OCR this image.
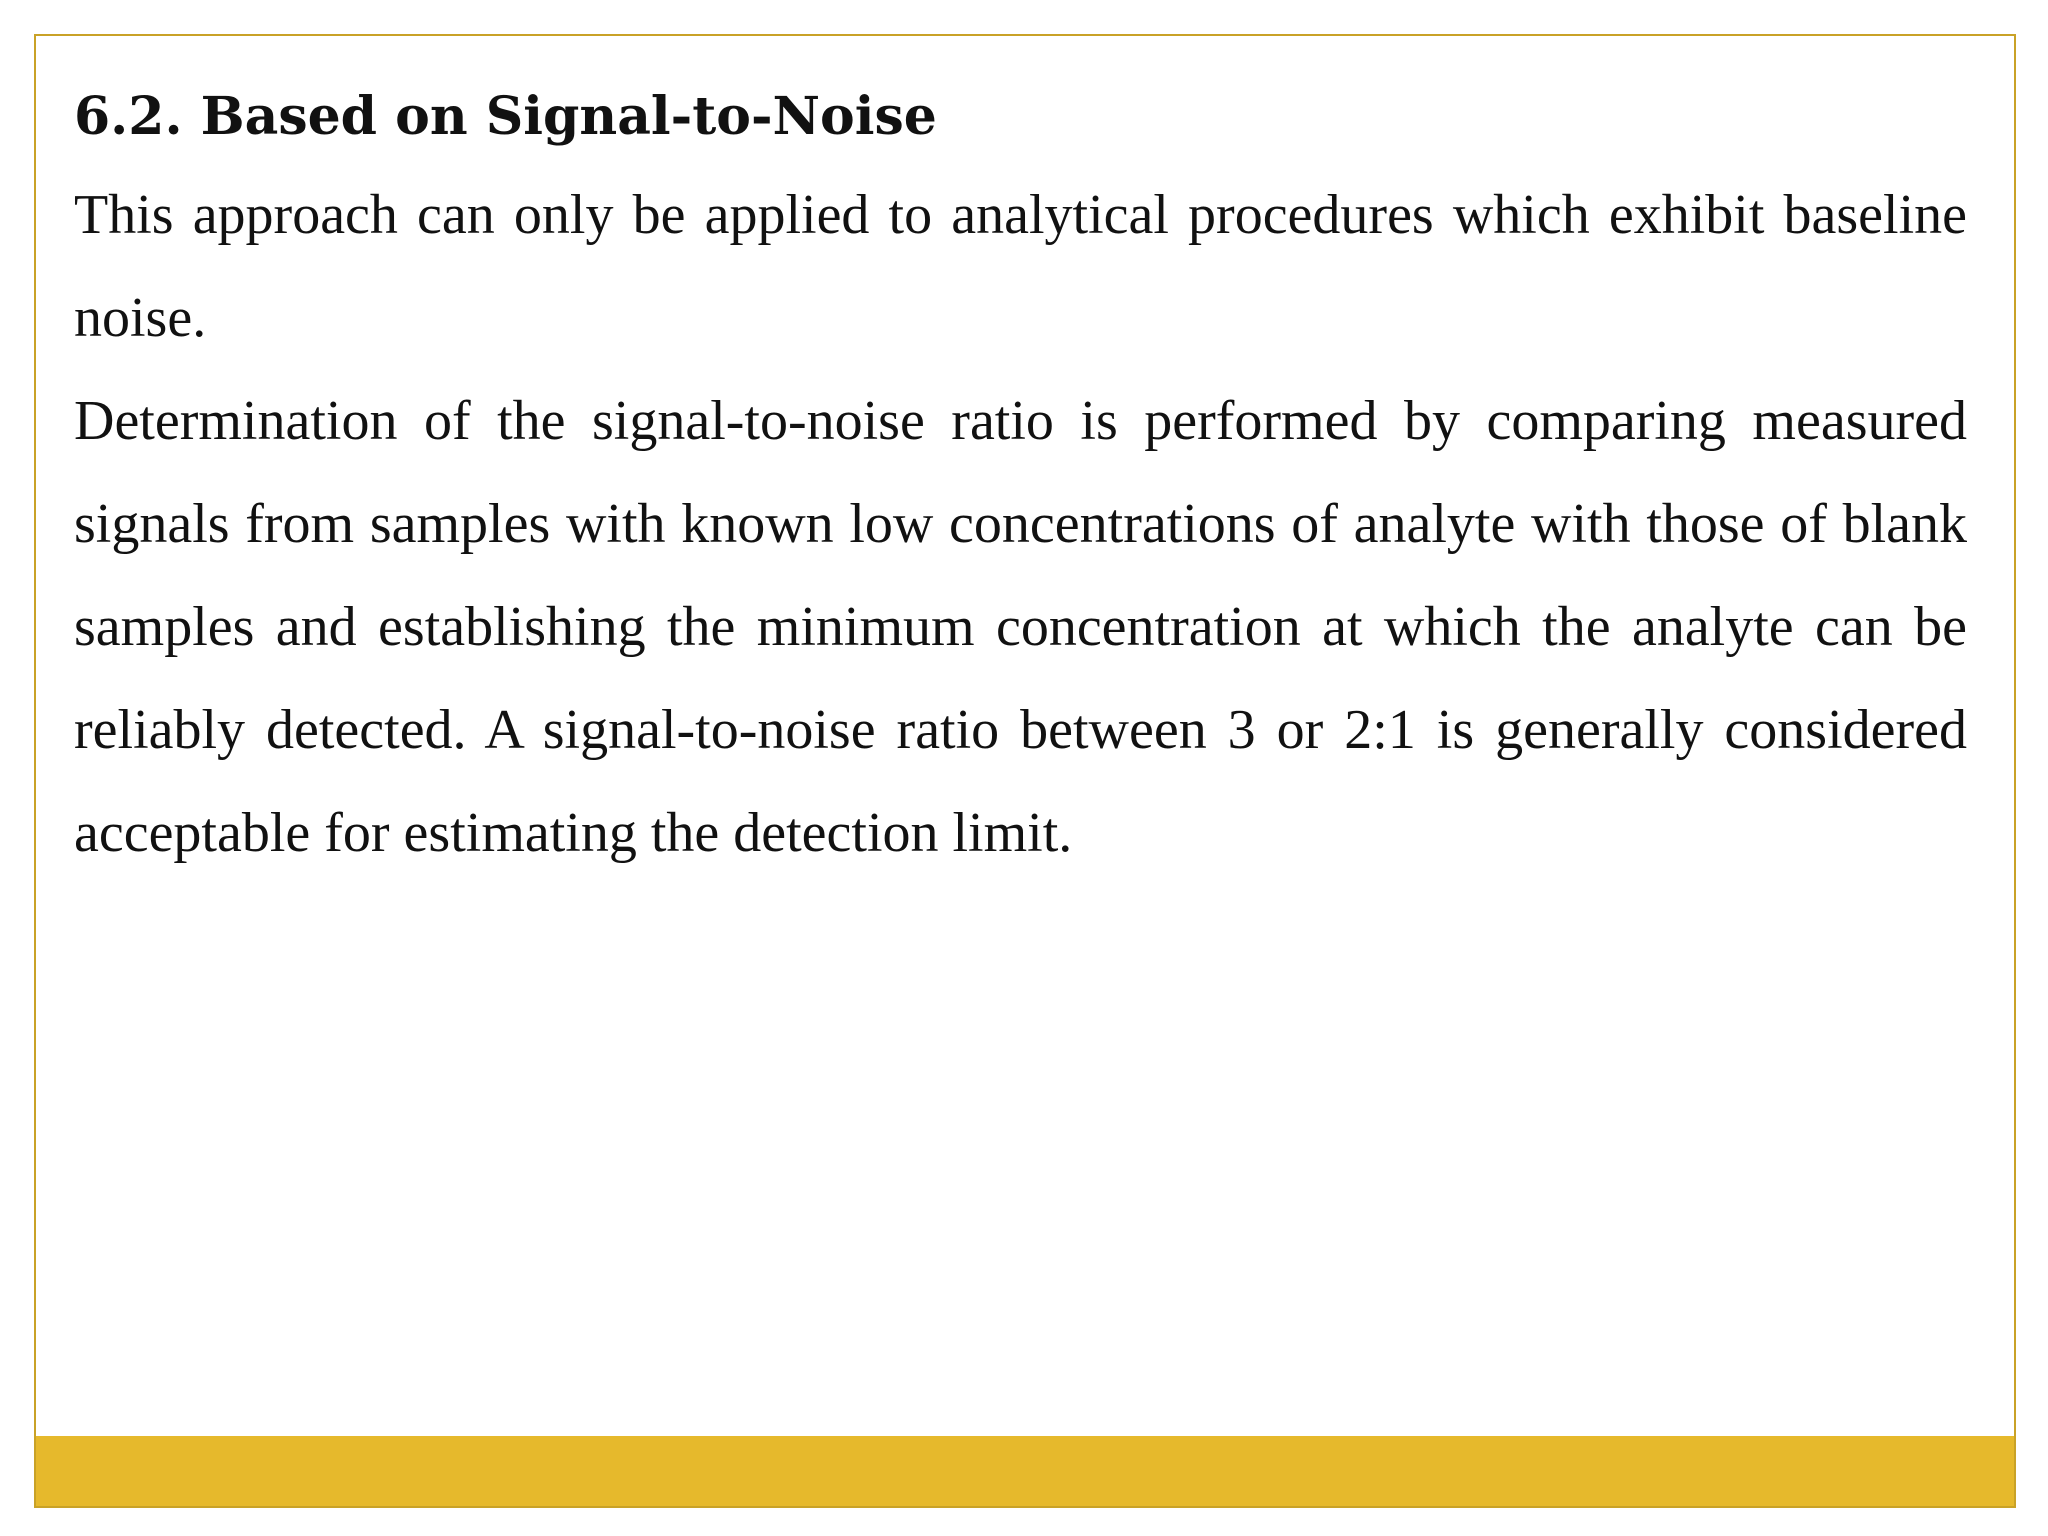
6.2. Based on Signal-to-Noise

This approach can only be applied to analytical procedures which exhibit baseline noise.

Determination of the signal-to-noise ratio is performed by comparing measured signals from samples with known low concentrations of analyte with those of blank samples and establishing the minimum concentration at which the analyte can be reliably detected. A signal-to-noise ratio between 3 or 2:1 is generally considered acceptable for estimating the detection limit.
